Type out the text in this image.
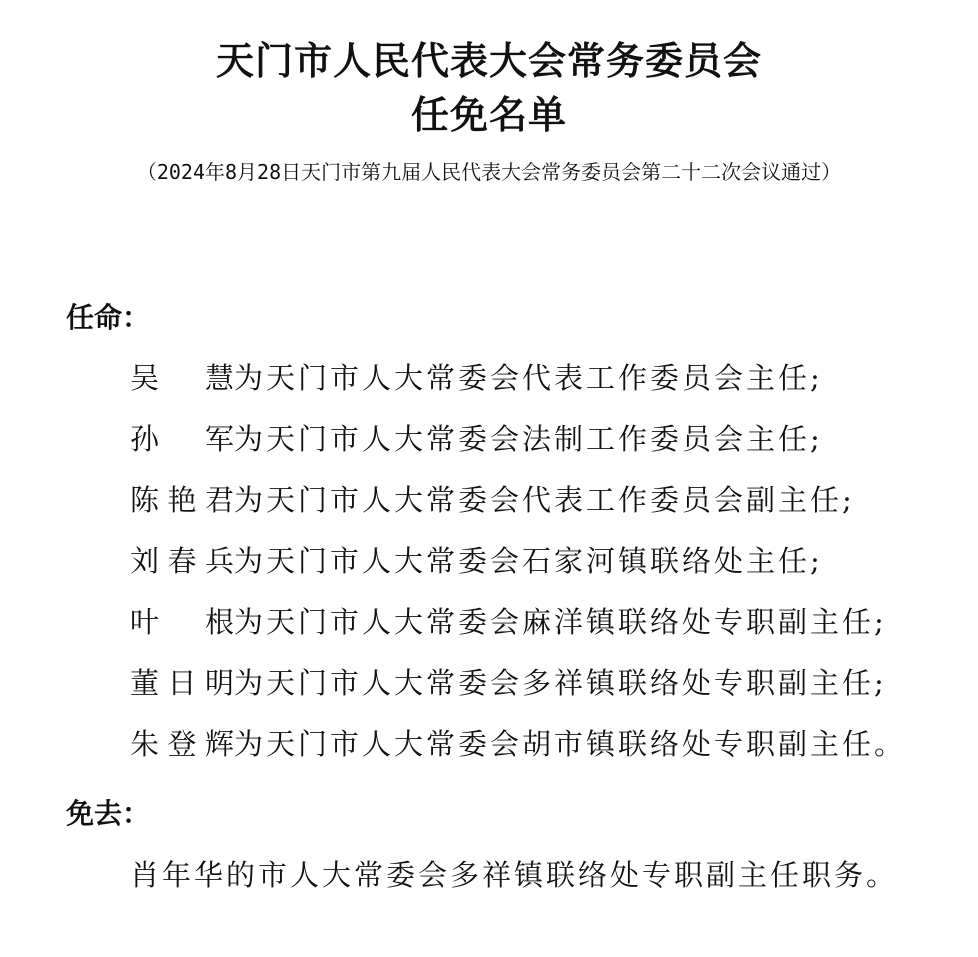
天门市人民代表大会常务委员会
任免名单
（2024年8月28日天门市第九届人民代表大会常务委员会第二十二次会议通过）
任命：
吴　慧为天门市人大常委会代表工作委员会主任;
孙　军为天门市人大常委会法制工作委员会主任;
陈艳君为天门市人大常委会代表工作委员会副主任;
刘春兵为天门市人大常委会石家河镇联络处主任;
叶　根为天门市人大常委会麻洋镇联络处专职副主任;
董日明为天门市人大常委会多祥镇联络处专职副主任;
朱登辉为天门市人大常委会胡市镇联络处专职副主任。
免去：
肖年华的市人大常委会多祥镇联络处专职副主任职务。
